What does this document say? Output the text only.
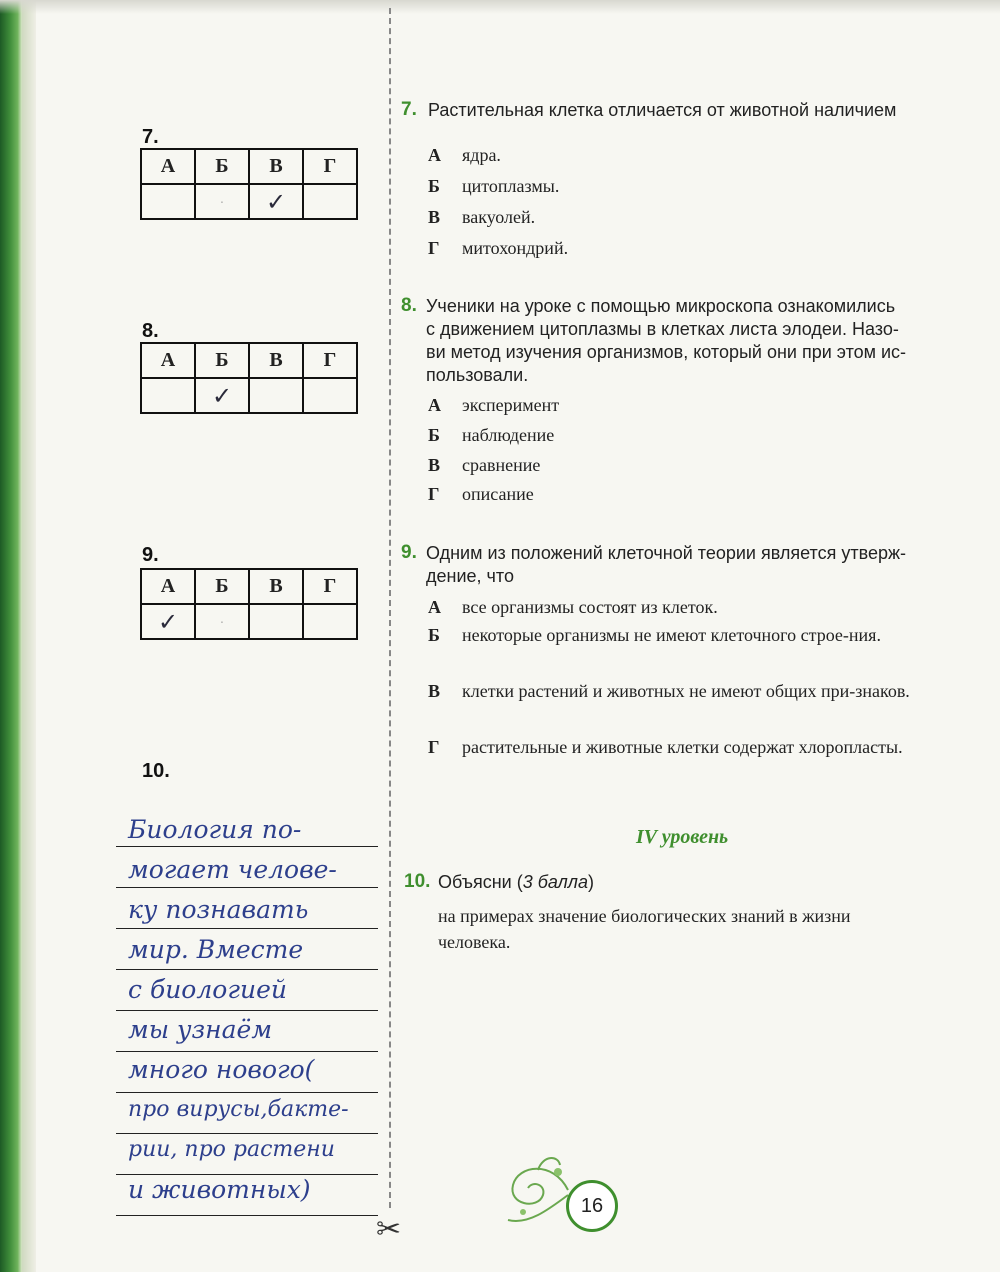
✂
7.
А	Б	В	Г
	·	✓	
8.
А	Б	В	Г
	✓		
9.
А	Б	В	Г
✓	·		
10.
Биология по-
могает челове-
ку познавать
мир. Вместе
с биологией
мы узнаём
много нового(
про вирусы,бакте-
рии, про растени
и животных)
7. Растительная клетка отличается от животной наличием
А ядра.
Б цитоплазмы.
В вакуолей.
Г митохондрий.
8. Ученики на уроке с помощью микроскопа ознакомились
с движением цитоплазмы в клетках листа элодеи. Назо-
ви метод изучения организмов, который они при этом ис-
пользовали.
А эксперимент
Б наблюдение
В сравнение
Г описание
9. Одним из положений клеточной теории является утверж-
дение, что
А все организмы состоят из клеток.
Б некоторые организмы не имеют клеточного строе-ния.
В клетки растений и животных не имеют общих при-знаков.
Г растительные и животные клетки содержат хлоропласты.
IV уровень
10. Объясни (3 балла)
на примерах значение биологических знаний в жизни
человека.
16
